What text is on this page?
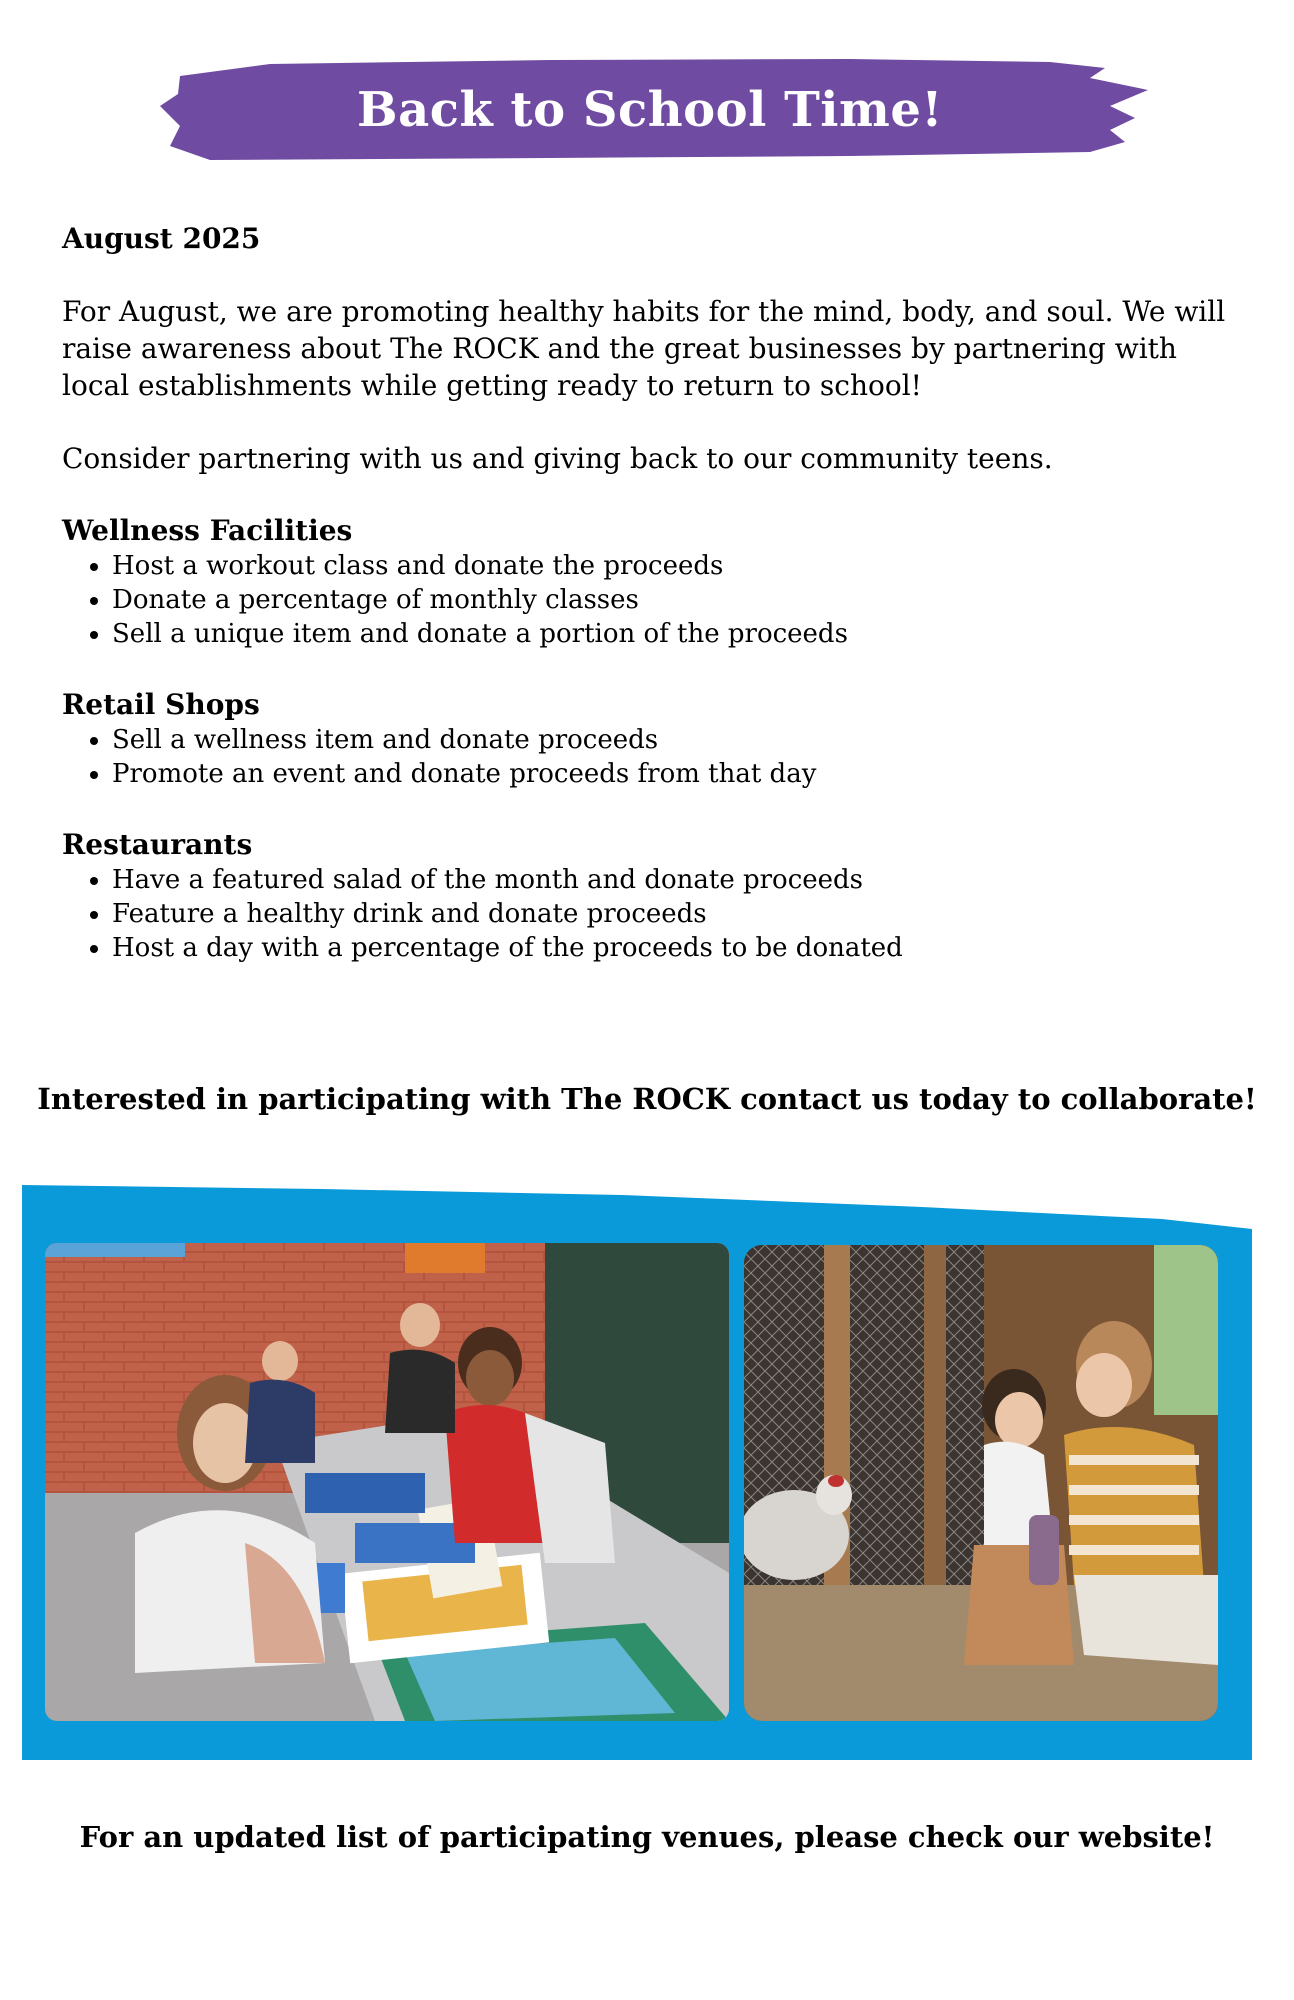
Back to School Time!

August 2025

For August, we are promoting healthy habits for the mind, body, and soul. We will raise awareness about The ROCK and the great businesses by partnering with local establishments while getting ready to return to school!

Consider partnering with us and giving back to our community teens.

Wellness Facilities

• Host a workout class and donate the proceeds
• Donate a percentage of monthly classes
• Sell a unique item and donate a portion of the proceeds

Retail Shops

• Sell a wellness item and donate proceeds
• Promote an event and donate proceeds from that day

Restaurants

• Have a featured salad of the month and donate proceeds
• Feature a healthy drink and donate proceeds
• Host a day with a percentage of the proceeds to be donated
Interested in participating with The ROCK contact us today to collaborate!
For an updated list of participating venues, please check our website!
